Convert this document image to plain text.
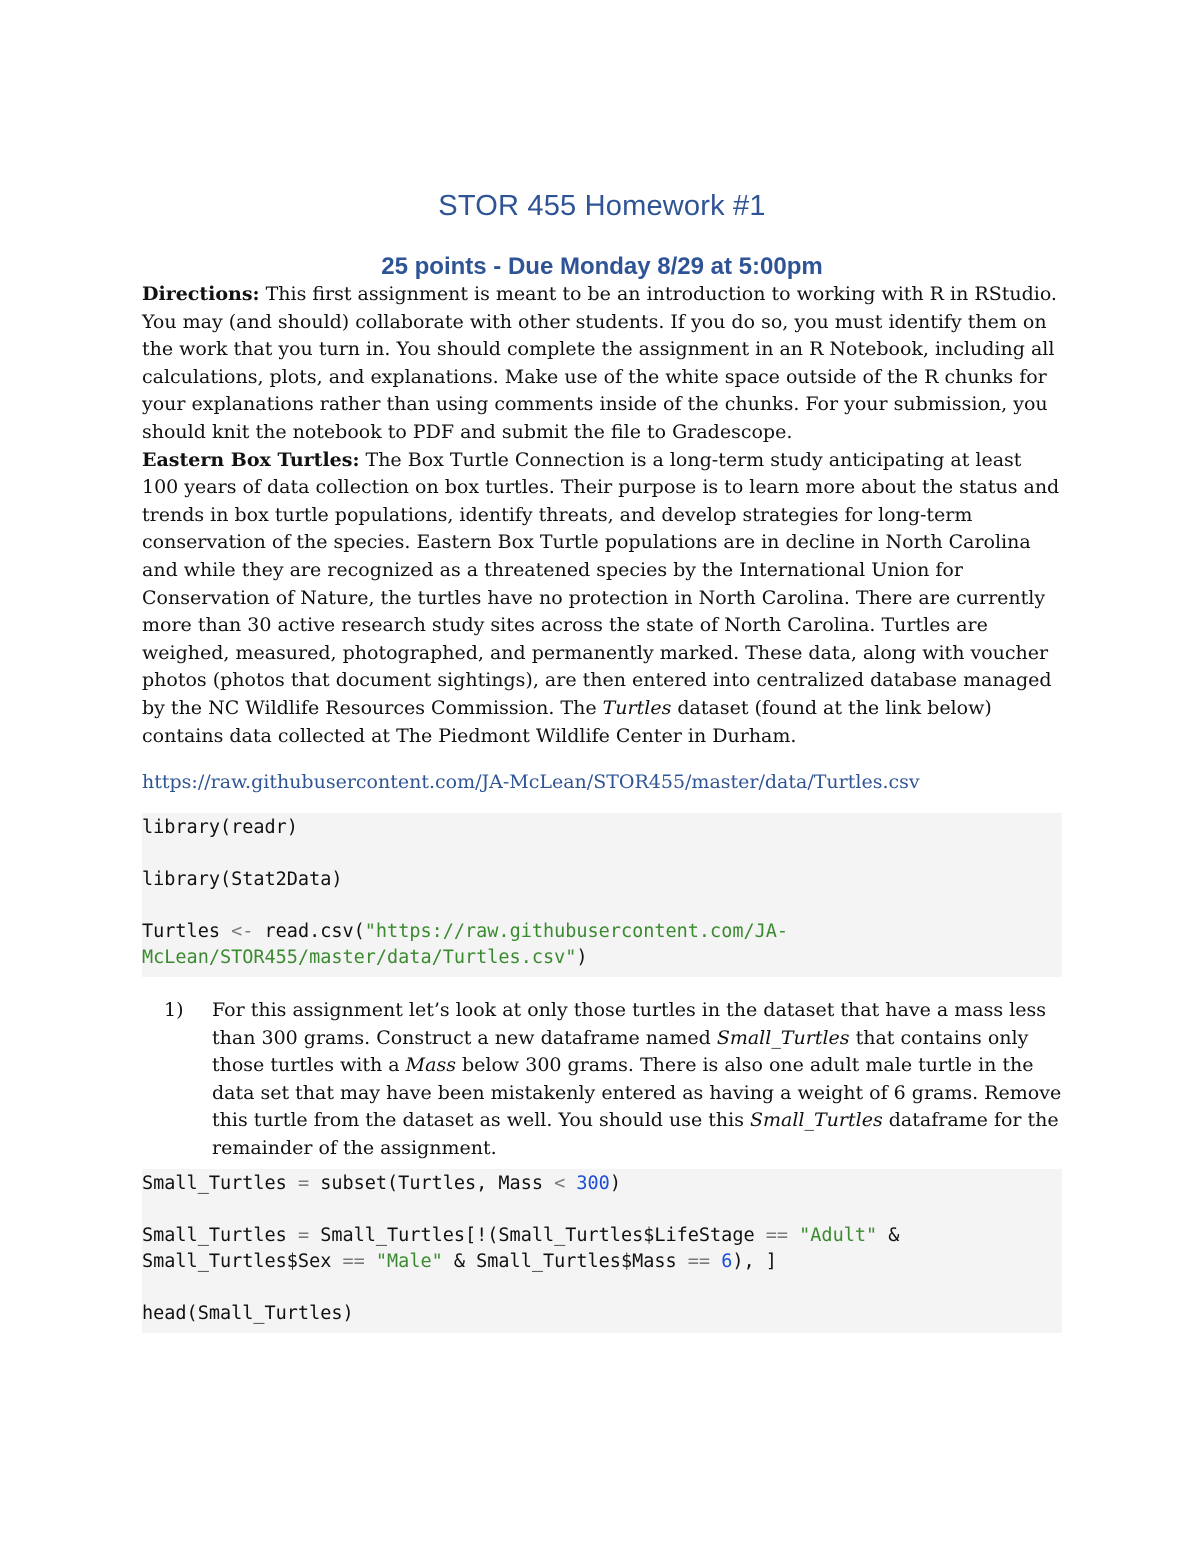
STOR 455 Homework #1
25 points - Due Monday 8/29 at 5:00pm

Directions: This first assignment is meant to be an introduction to working with R in RStudio. You may (and should) collaborate with other students. If you do so, you must identify them on the work that you turn in. You should complete the assignment in an R Notebook, including all calculations, plots, and explanations. Make use of the white space outside of the R chunks for your explanations rather than using comments inside of the chunks. For your submission, you should knit the notebook to PDF and submit the file to Gradescope.

Eastern Box Turtles: The Box Turtle Connection is a long-term study anticipating at least 100 years of data collection on box turtles. Their purpose is to learn more about the status and trends in box turtle populations, identify threats, and develop strategies for long-term conservation of the species. Eastern Box Turtle populations are in decline in North Carolina and while they are recognized as a threatened species by the International Union for Conservation of Nature, the turtles have no protection in North Carolina. There are currently more than 30 active research study sites across the state of North Carolina. Turtles are weighed, measured, photographed, and permanently marked. These data, along with voucher photos (photos that document sightings), are then entered into centralized database managed by the NC Wildlife Resources Commission. The Turtles dataset (found at the link below) contains data collected at The Piedmont Wildlife Center in Durham.

https://raw.githubusercontent.com/JA-McLean/STOR455/master/data/Turtles.csv
library(readr)
library(Stat2Data)
Turtles <- read.csv("https://raw.githubusercontent.com/JA-
McLean/STOR455/master/data/Turtles.csv")
1) For this assignment let’s look at only those turtles in the dataset that have a mass less than 300 grams. Construct a new dataframe named Small_Turtles that contains only those turtles with a Mass below 300 grams. There is also one adult male turtle in the data set that may have been mistakenly entered as having a weight of 6 grams. Remove this turtle from the dataset as well. You should use this Small_Turtles dataframe for the remainder of the assignment.

Small_Turtles = subset(Turtles, Mass < 300)
Small_Turtles = Small_Turtles[!(Small_Turtles$LifeStage == "Adult" &
Small_Turtles$Sex == "Male" & Small_Turtles$Mass == 6), ]
head(Small_Turtles)
